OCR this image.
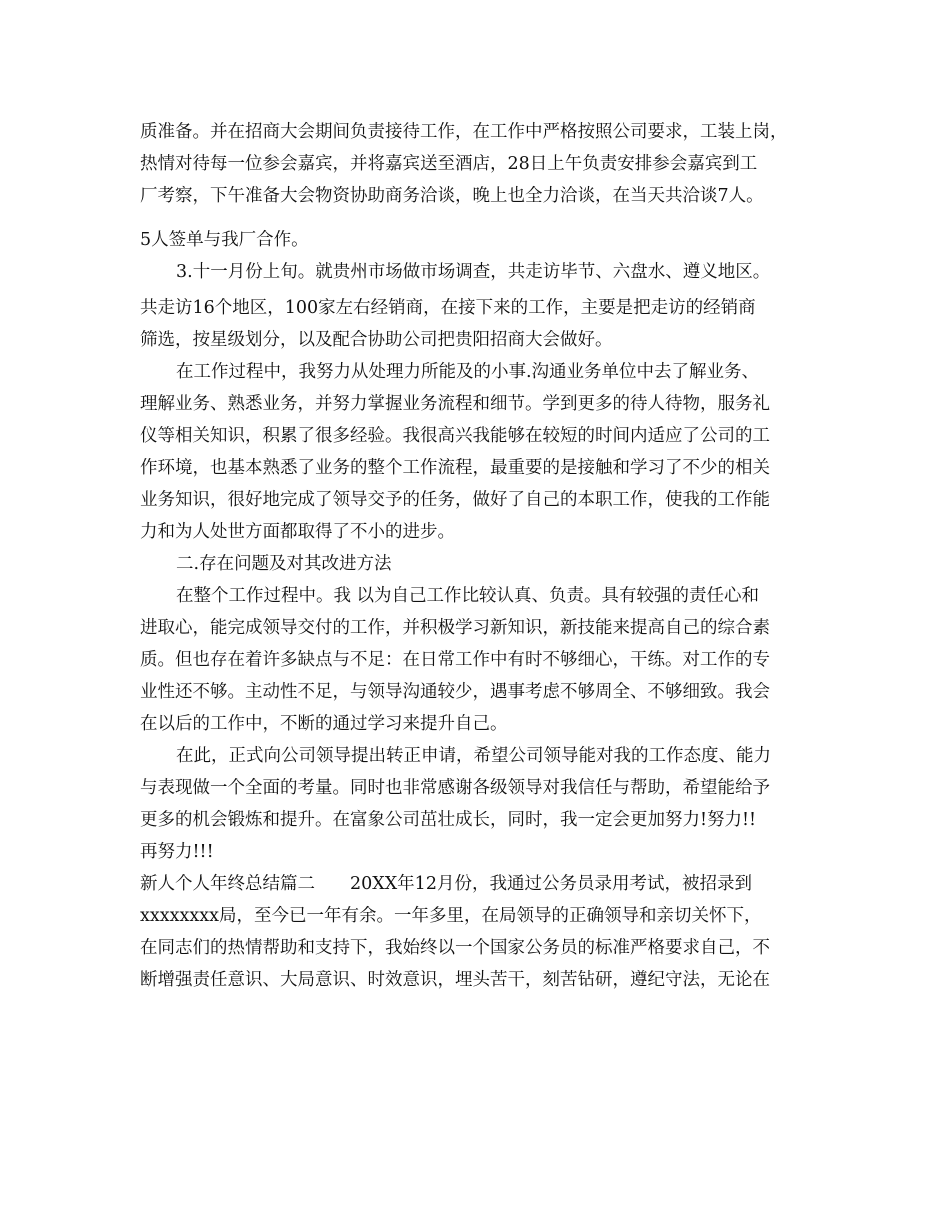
质准备。并在招商大会期间负责接待工作，在工作中严格按照公司要求，工装上岗，
热情对待每一位参会嘉宾，并将嘉宾送至酒店，28日上午负责安排参会嘉宾到工
厂考察，下午准备大会物资协助商务洽谈，晚上也全力洽谈，在当天共洽谈7人。
5人签单与我厂合作。
3.十一月份上旬。就贵州市场做市场调查，共走访毕节、六盘水、遵义地区。
共走访16个地区，100家左右经销商，在接下来的工作，主要是把走访的经销商
筛选，按星级划分，以及配合协助公司把贵阳招商大会做好。
在工作过程中，我努力从处理力所能及的小事.沟通业务单位中去了解业务、
理解业务、熟悉业务，并努力掌握业务流程和细节。学到更多的待人待物，服务礼
仪等相关知识，积累了很多经验。我很高兴我能够在较短的时间内适应了公司的工
作环境，也基本熟悉了业务的整个工作流程，最重要的是接触和学习了不少的相关
业务知识，很好地完成了领导交予的任务，做好了自己的本职工作，使我的工作能
力和为人处世方面都取得了不小的进步。
二.存在问题及对其改进方法
在整个工作过程中。我 以为自己工作比较认真、负责。具有较强的责任心和
进取心，能完成领导交付的工作，并积极学习新知识，新技能来提高自己的综合素
质。但也存在着许多缺点与不足：在日常工作中有时不够细心，干练。对工作的专
业性还不够。主动性不足，与领导沟通较少，遇事考虑不够周全、不够细致。我会
在以后的工作中，不断的通过学习来提升自己。
在此，正式向公司领导提出转正申请，希望公司领导能对我的工作态度、能力
与表现做一个全面的考量。同时也非常感谢各级领导对我信任与帮助，希望能给予
更多的机会锻炼和提升。在富象公司茁壮成长，同时，我一定会更加努力!努力!!
再努力!!!
新人个人年终总结篇二　　20XX年12月份，我通过公务员录用考试，被招录到
xxxxxxxx局，至今已一年有余。一年多里，在局领导的正确领导和亲切关怀下，
在同志们的热情帮助和支持下，我始终以一个国家公务员的标准严格要求自己，不
断增强责任意识、大局意识、时效意识，埋头苦干，刻苦钻研，遵纪守法，无论在
